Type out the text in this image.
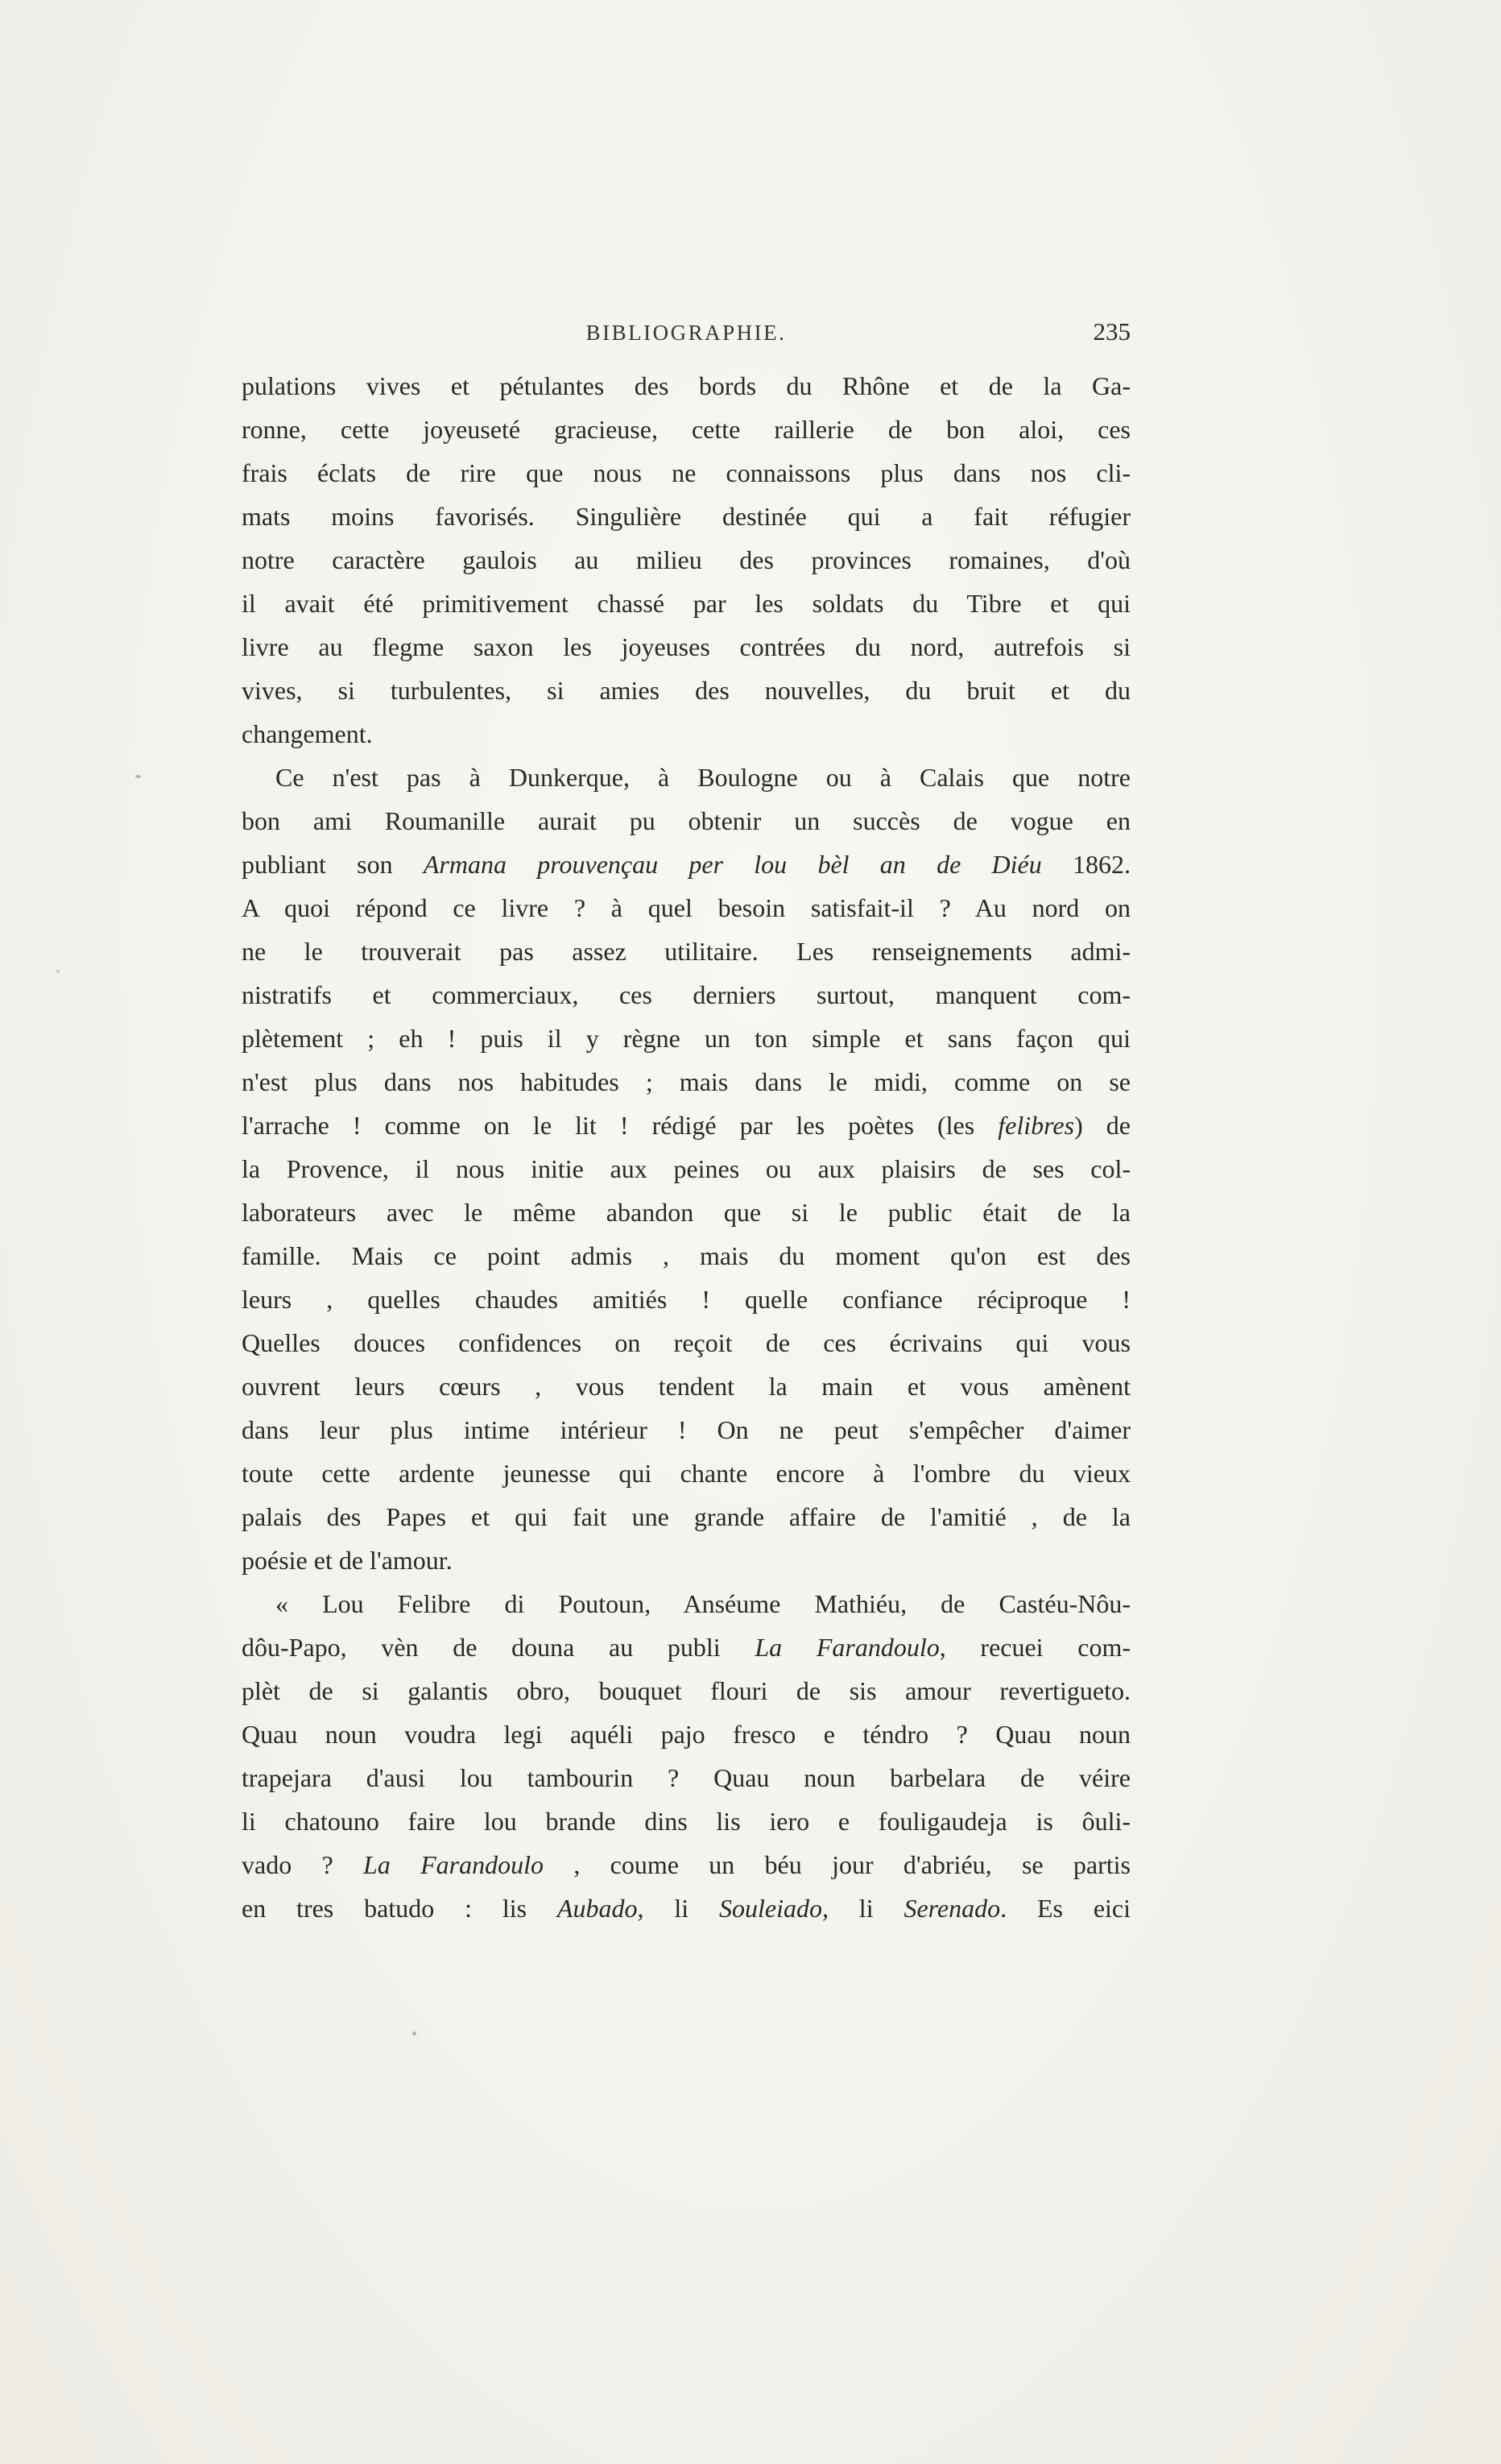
BIBLIOGRAPHIE.	235
pulations vives et pétulantes des bords du Rhône et de la Ga-
ronne, cette joyeuseté gracieuse, cette raillerie de bon aloi, ces
frais éclats de rire que nous ne connaissons plus dans nos cli-
mats moins favorisés. Singulière destinée qui a fait réfugier
notre caractère gaulois au milieu des provinces romaines, d'où
il avait été primitivement chassé par les soldats du Tibre et qui
livre au flegme saxon les joyeuses contrées du nord, autrefois si
vives, si turbulentes, si amies des nouvelles, du bruit et du
changement.
Ce n'est pas à Dunkerque, à Boulogne ou à Calais que notre
bon ami Roumanille aurait pu obtenir un succès de vogue en
publiant son Armana prouvençau per lou bèl an de Diéu 1862.
A quoi répond ce livre ? à quel besoin satisfait-il ? Au nord on
ne le trouverait pas assez utilitaire. Les renseignements admi-
nistratifs et commerciaux, ces derniers surtout, manquent com-
plètement ; eh ! puis il y règne un ton simple et sans façon qui
n'est plus dans nos habitudes ; mais dans le midi, comme on se
l'arrache ! comme on le lit ! rédigé par les poètes (les felibres) de
la Provence, il nous initie aux peines ou aux plaisirs de ses col-
laborateurs avec le même abandon que si le public était de la
famille. Mais ce point admis , mais du moment qu'on est des
leurs , quelles chaudes amitiés ! quelle confiance réciproque !
Quelles douces confidences on reçoit de ces écrivains qui vous
ouvrent leurs cœurs , vous tendent la main et vous amènent
dans leur plus intime intérieur ! On ne peut s'empêcher d'aimer
toute cette ardente jeunesse qui chante encore à l'ombre du vieux
palais des Papes et qui fait une grande affaire de l'amitié , de la
poésie et de l'amour.
« Lou Felibre di Poutoun, Anséume Mathiéu, de Castéu-Nôu-
dôu-Papo, vèn de douna au publi La Farandoulo, recuei com-
plèt de si galantis obro, bouquet flouri de sis amour revertigueto.
Quau noun voudra legi aquéli pajo fresco e téndro ? Quau noun
trapejara d'ausi lou tambourin ? Quau noun barbelara de véire
li chatouno faire lou brande dins lis iero e fouligaudeja is ôuli-
vado ? La Farandoulo , coume un béu jour d'abriéu, se partis
en tres batudo : lis Aubado, li Souleiado, li Serenado. Es eici
